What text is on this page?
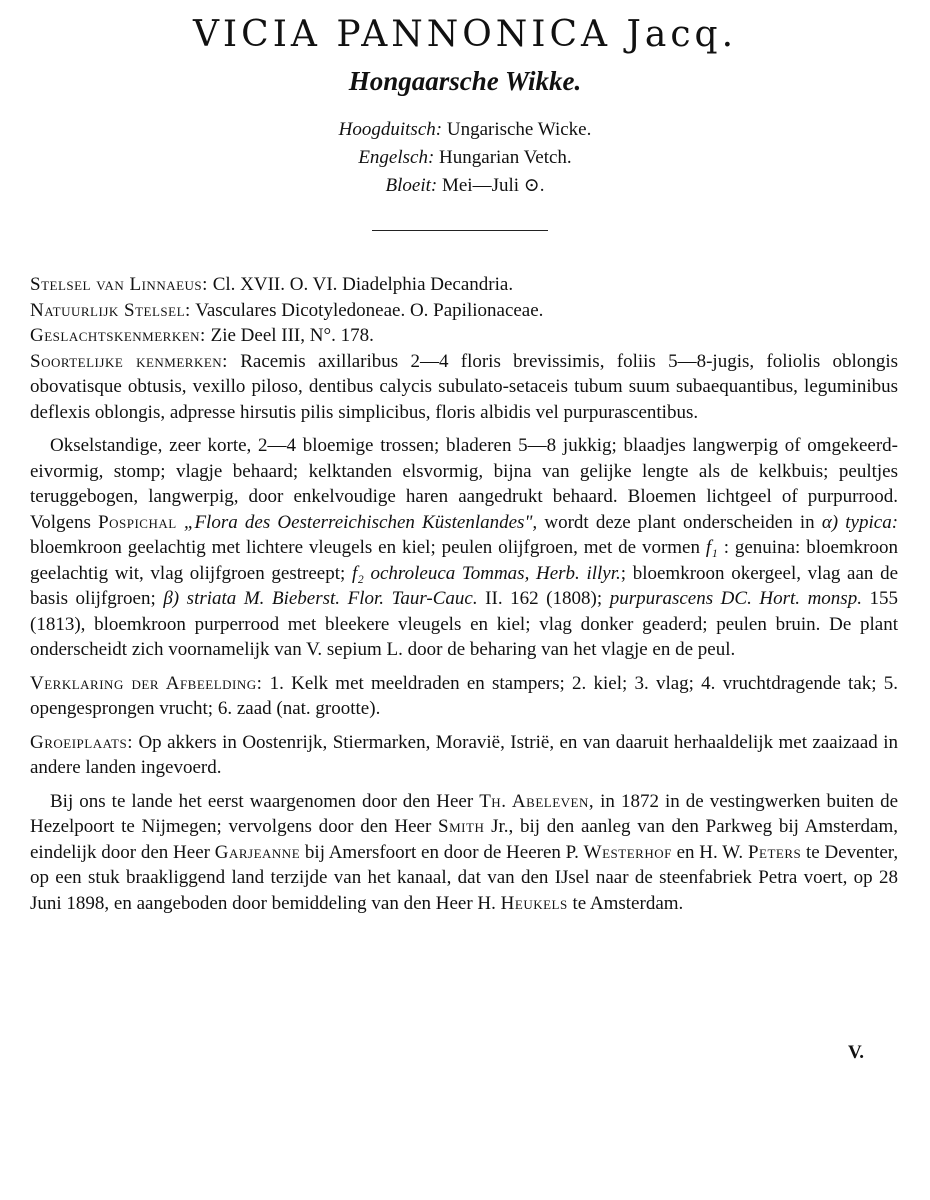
VICIA PANNONICA Jacq.
Hongaarsche Wikke.
Hoogduitsch: Ungarische Wicke.
Engelsch: Hungarian Vetch.
Bloeit: Mei—Juli ⊙.

Stelsel van Linnaeus: Cl. XVII. O. VI. Diadelphia Decandria.

Natuurlijk Stelsel: Vasculares Dicotyledoneae. O. Papilionaceae.

Geslachtskenmerken: Zie Deel III, N°. 178.

Soortelijke kenmerken: Racemis axillaribus 2—4 floris brevissimis, foliis 5—8-jugis, foliolis oblongis obovatisque obtusis, vexillo piloso, dentibus calycis subulato-setaceis tubum suum subaequantibus, leguminibus deflexis oblongis, adpresse hirsutis pilis simplicibus, floris albidis vel purpurascentibus.

Okselstandige, zeer korte, 2—4 bloemige trossen; bladeren 5—8 jukkig; blaadjes langwerpig of omgekeerd-eivormig, stomp; vlagje behaard; kelktanden elsvormig, bijna van gelijke lengte als de kelkbuis; peultjes teruggebogen, langwerpig, door enkelvoudige haren aangedrukt behaard. Bloemen lichtgeel of purpurrood. Volgens Pospichal „Flora des Oesterreichischen Küstenlandes", wordt deze plant onderscheiden in α) typica: bloemkroon geelachtig met lichtere vleugels en kiel; peulen olijfgroen, met de vormen f₁ : genuina: bloemkroon geelachtig wit, vlag olijfgroen gestreept; f₂ ochroleuca Tommas, Herb. illyr.; bloemkroon okergeel, vlag aan de basis olijfgroen; β) striata M. Bieberst. Flor. Taur-Cauc. II. 162 (1808); purpurascens DC. Hort. monsp. 155 (1813), bloemkroon purperrood met bleekere vleugels en kiel; vlag donker geaderd; peulen bruin. De plant onderscheidt zich voornamelijk van V. sepium L. door de beharing van het vlagje en de peul.

Verklaring der Afbeelding: 1. Kelk met meeldraden en stampers; 2. kiel; 3. vlag; 4. vruchtdragende tak; 5. opengesprongen vrucht; 6. zaad (nat. grootte).

Groeiplaats: Op akkers in Oostenrijk, Stiermarken, Moravië, Istrië, en van daaruit herhaaldelijk met zaaizaad in andere landen ingevoerd.

Bij ons te lande het eerst waargenomen door den Heer Th. Abeleven, in 1872 in de vestingwerken buiten de Hezelpoort te Nijmegen; vervolgens door den Heer Smith Jr., bij den aanleg van den Parkweg bij Amsterdam, eindelijk door den Heer Garjeanne bij Amersfoort en door de Heeren P. Westerhof en H. W. Peters te Deventer, op een stuk braakliggend land terzijde van het kanaal, dat van den IJsel naar de steenfabriek Petra voert, op 28 Juni 1898, en aangeboden door bemiddeling van den Heer H. Heukels te Amsterdam.

V.
